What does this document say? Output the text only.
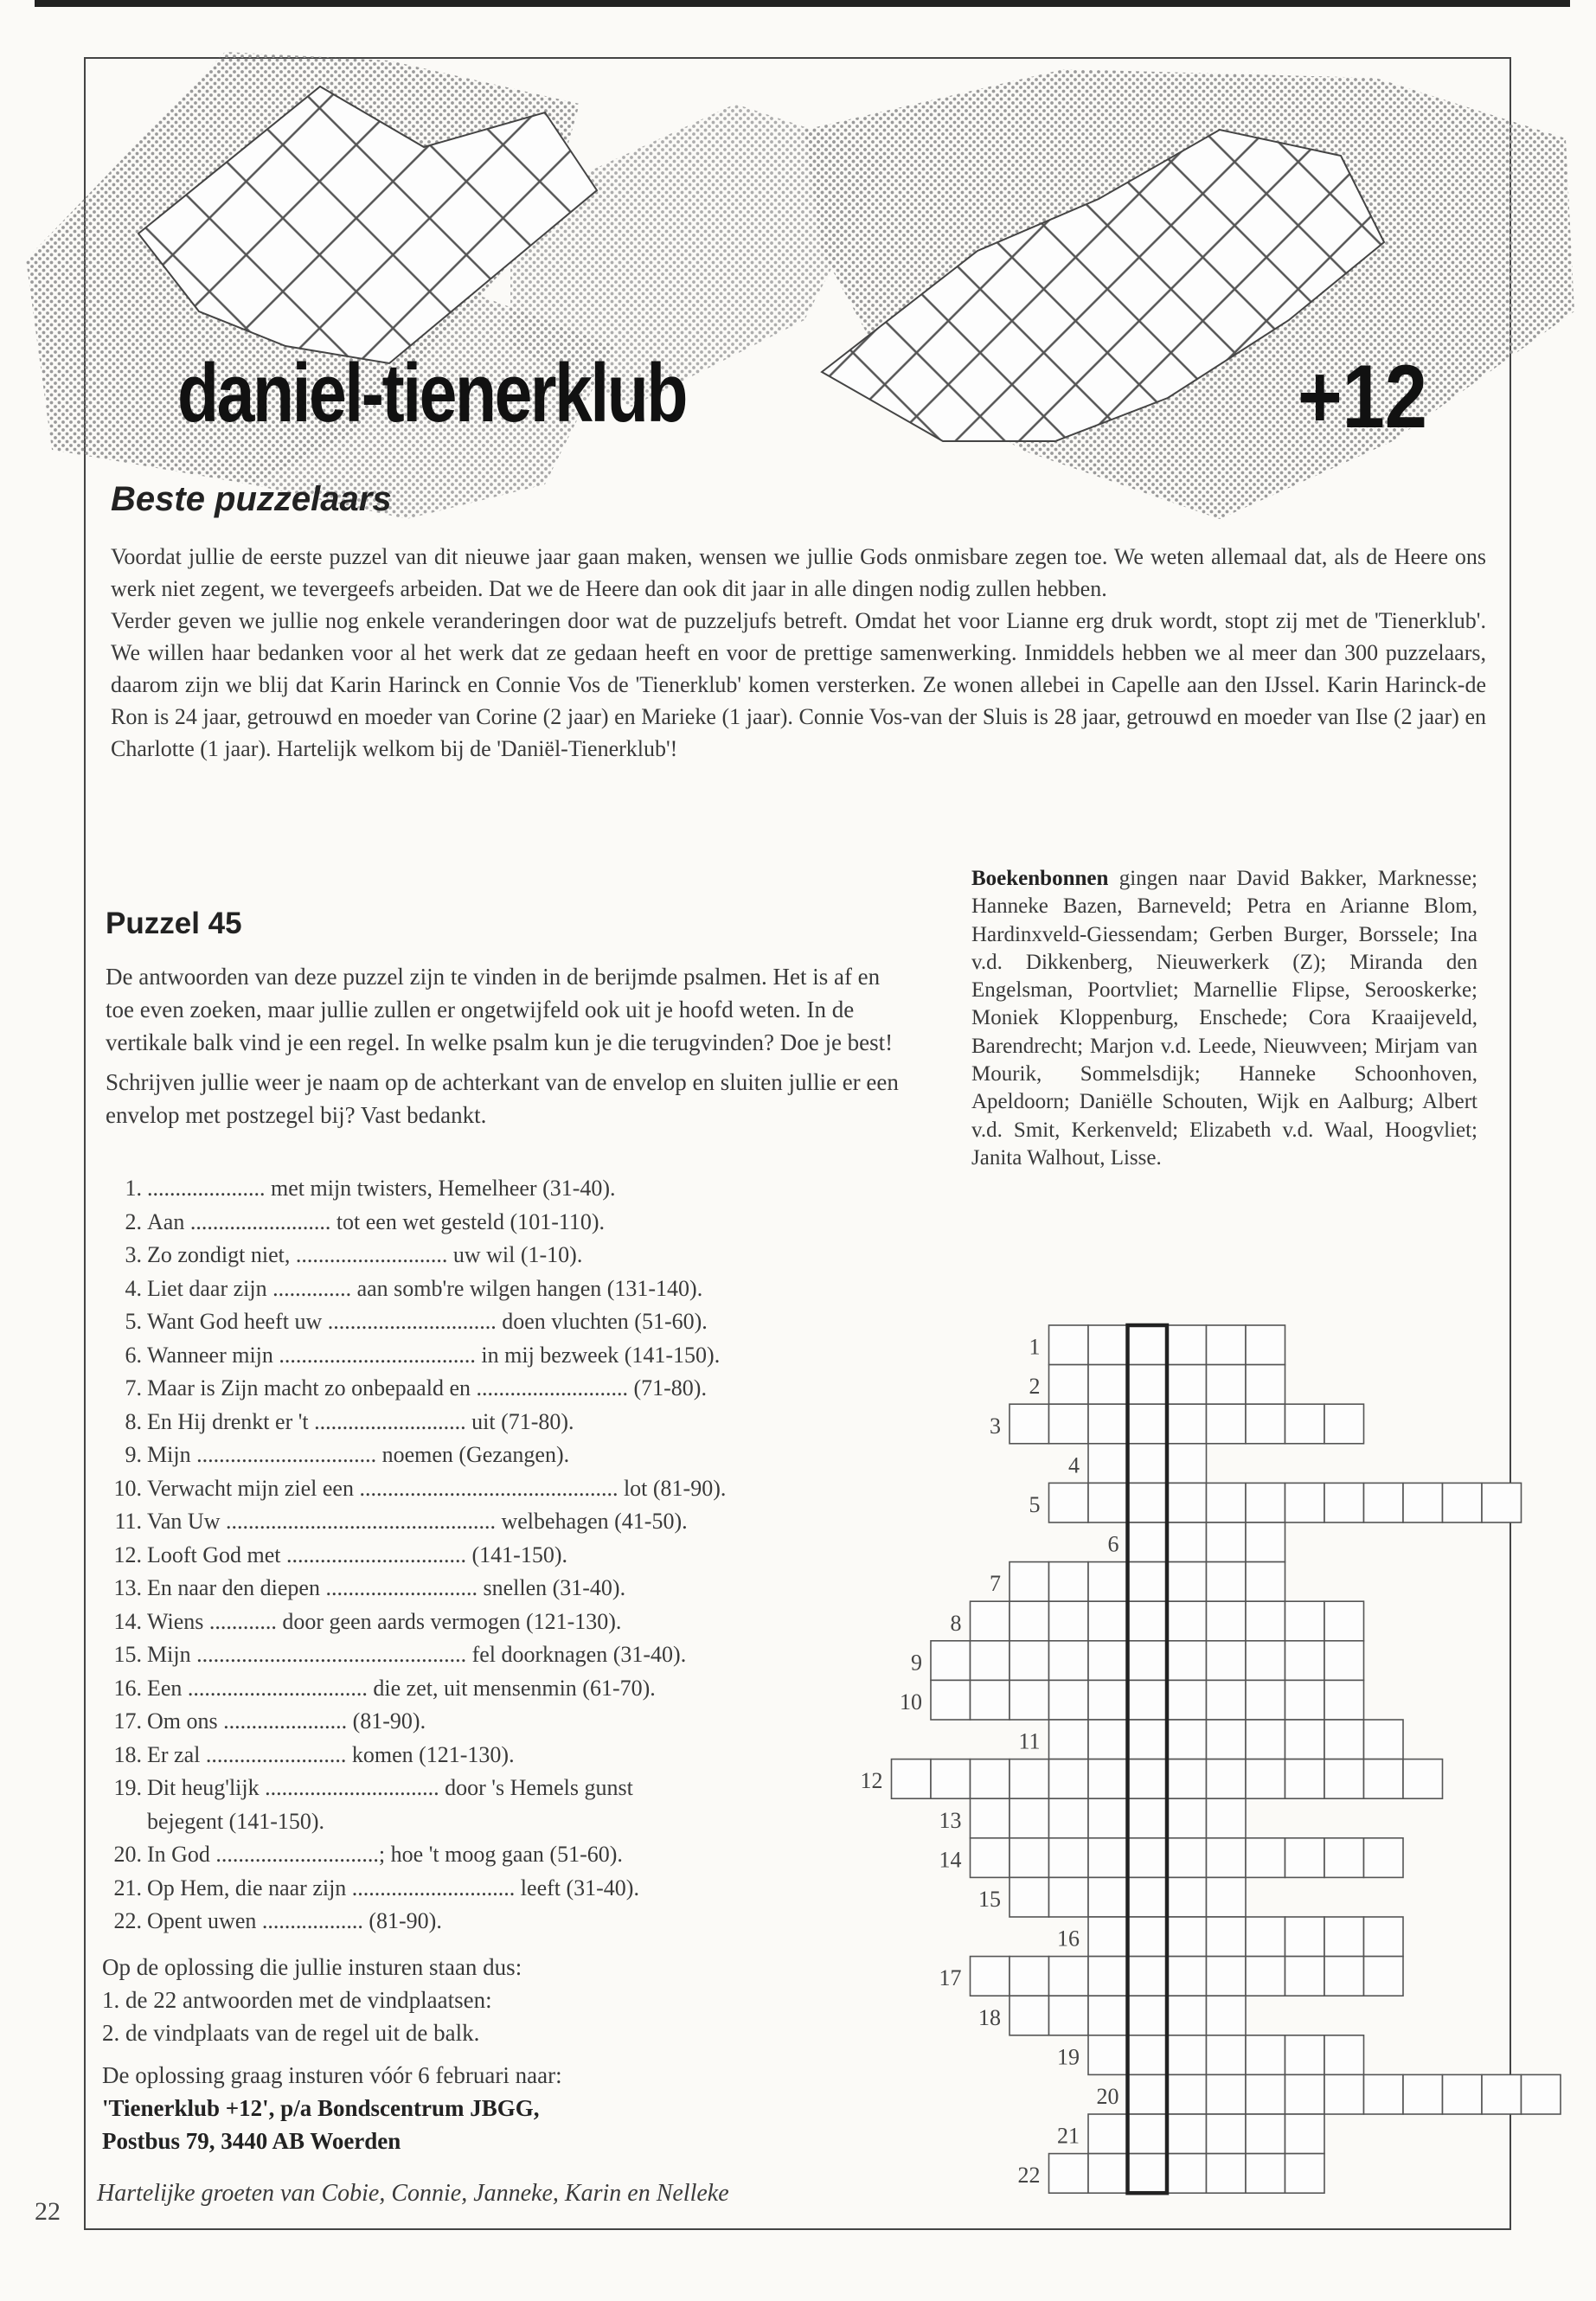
daniel-tienerklub	+12
Beste puzzelaars

Voordat jullie de eerste puzzel van dit nieuwe jaar gaan maken, wensen we jullie Gods onmisbare zegen toe. We weten allemaal dat, als de Heere ons werk niet zegent, we tevergeefs arbeiden. Dat we de Heere dan ook dit jaar in alle dingen nodig zullen hebben.

Verder geven we jullie nog enkele veranderingen door wat de puzzeljufs betreft. Omdat het voor Lianne erg druk wordt, stopt zij met de 'Tienerklub'. We willen haar bedanken voor al het werk dat ze gedaan heeft en voor de prettige samenwerking. Inmiddels hebben we al meer dan 300 puzzelaars, daarom zijn we blij dat Karin Harinck en Connie Vos de 'Tienerklub' komen versterken. Ze wonen allebei in Capelle aan den IJssel. Karin Harinck-de Ron is 24 jaar, getrouwd en moeder van Corine (2 jaar) en Marieke (1 jaar). Connie Vos-van der Sluis is 28 jaar, getrouwd en moeder van Ilse (2 jaar) en Charlotte (1 jaar). Hartelijk welkom bij de 'Daniël-Tienerklub'!

Puzzel 45

De antwoorden van deze puzzel zijn te vinden in de berijmde psalmen. Het is af en toe even zoeken, maar jullie zullen er ongetwijfeld ook uit je hoofd weten. In de vertikale balk vind je een regel. In welke psalm kun je die terugvinden? Doe je best!

Schrijven jullie weer je naam op de achterkant van de envelop en sluiten jullie er een envelop met postzegel bij? Vast bedankt.

1. ..................... met mijn twisters, Hemelheer (31-40).
2. Aan ......................... tot een wet gesteld (101-110).
3. Zo zondigt niet, ........................... uw wil (1-10).
4. Liet daar zijn .............. aan somb're wilgen hangen (131-140).
5. Want God heeft uw .............................. doen vluchten (51-60).
6. Wanneer mijn ................................... in mij bezweek (141-150).
7. Maar is Zijn macht zo onbepaald en ........................... (71-80).
8. En Hij drenkt er 't ........................... uit (71-80).
9. Mijn ................................ noemen (Gezangen).
10. Verwacht mijn ziel een .............................................. lot (81-90).
11. Van Uw ................................................ welbehagen (41-50).
12. Looft God met ................................ (141-150).
13. En naar den diepen ........................... snellen (31-40).
14. Wiens ............ door geen aards vermogen (121-130).
15. Mijn ................................................ fel doorknagen (31-40).
16. Een ................................ die zet, uit mensenmin (61-70).
17. Om ons ...................... (81-90).
18. Er zal ......................... komen (121-130).
19. Dit heug'lijk ............................... door 's Hemels gunst
bejegent (141-150).
20. In God .............................; hoe 't moog gaan (51-60).
21. Op Hem, die naar zijn ............................. leeft (31-40).
22. Opent uwen .................. (81-90).

Op de oplossing die jullie insturen staan dus:

1. de 22 antwoorden met de vindplaatsen:

2. de vindplaats van de regel uit de balk.

De oplossing graag insturen vóór 6 februari naar:

'Tienerklub +12', p/a Bondscentrum JBGG,

Postbus 79, 3440 AB Woerden

Hartelijke groeten van Cobie, Connie, Janneke, Karin en Nelleke
Boekenbonnen gingen naar David Bakker, Marknesse; Hanneke Bazen, Barneveld; Petra en Arianne Blom, Hardinxveld-Giessendam; Gerben Burger, Borssele; Ina v.d. Dikkenberg, Nieuwerkerk (Z); Miranda den Engelsman, Poortvliet; Marnellie Flipse, Serooskerke; Moniek Kloppenburg, Enschede; Cora Kraaijeveld, Barendrecht; Marjon v.d. Leede, Nieuwveen; Mirjam van Mourik, Sommelsdijk; Hanneke Schoonhoven, Apeldoorn; Daniëlle Schouten, Wijk en Aalburg; Albert v.d. Smit, Kerkenveld; Elizabeth v.d. Waal, Hoogvliet; Janita Walhout, Lisse.
22
1
2
3
4
5
6
7
8
9
10
11
12
13
14
15
16
17
18
19
20
21
22
